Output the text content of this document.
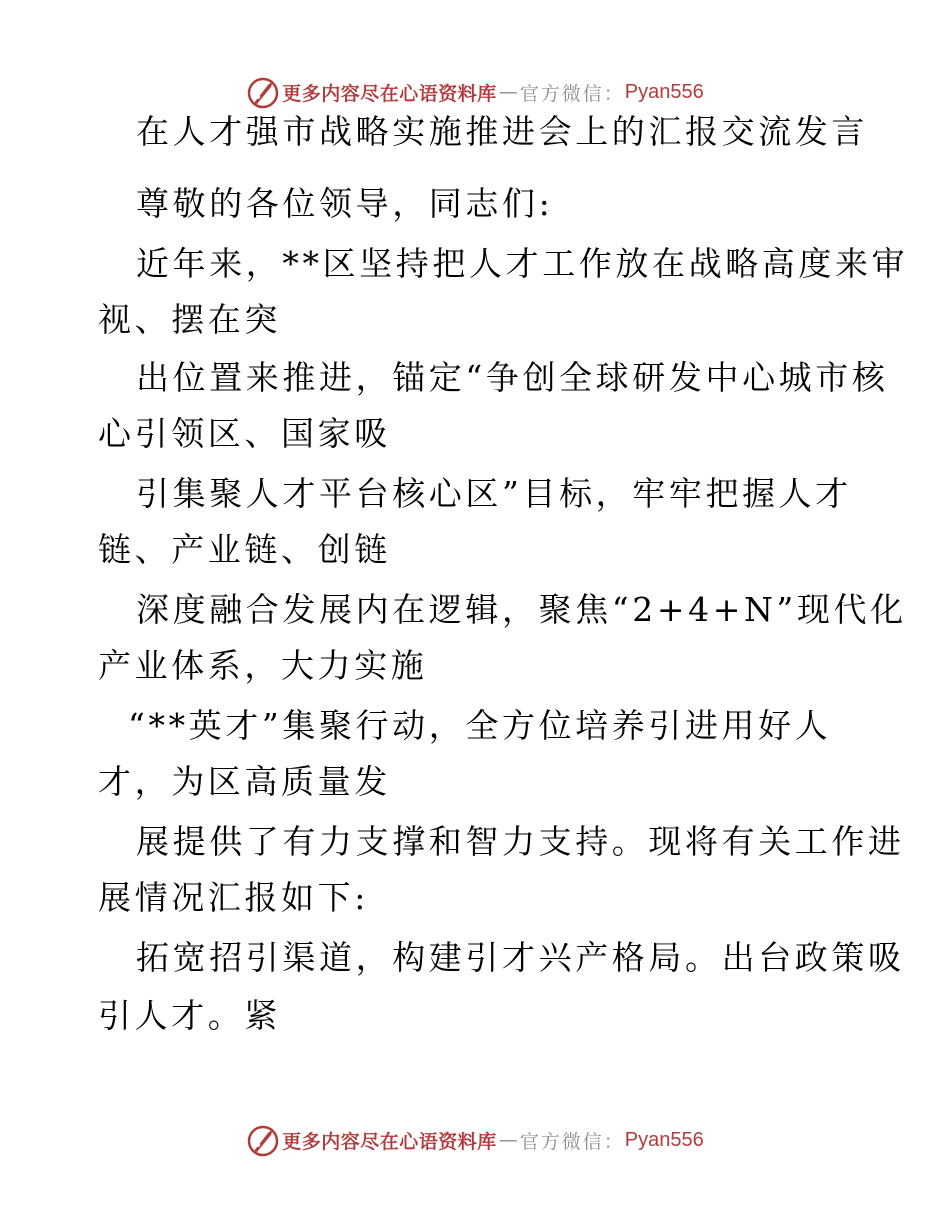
更多内容尽在心语资料库 — 官方微信： Pyan556
在人才强市战略实施推进会上的汇报交流发言
尊敬的各位领导，同志们:
近年来，**区坚持把人才工作放在战略高度来审
视、摆在突
出位置来推进，锚定“争创全球研发中心城市核
心引领区、国家吸
引集聚人才平台核心区”目标，牢牢把握人才
链、产业链、创链
深度融合发展内在逻辑，聚焦“2+4+N”现代化
产业体系，大力实施
“**英才”集聚行动，全方位培养引进用好人
才，为区高质量发
展提供了有力支撑和智力支持。现将有关工作进
展情况汇报如下:
拓宽招引渠道，构建引才兴产格局。出台政策吸
引人才。紧
更多内容尽在心语资料库 — 官方微信： Pyan556
